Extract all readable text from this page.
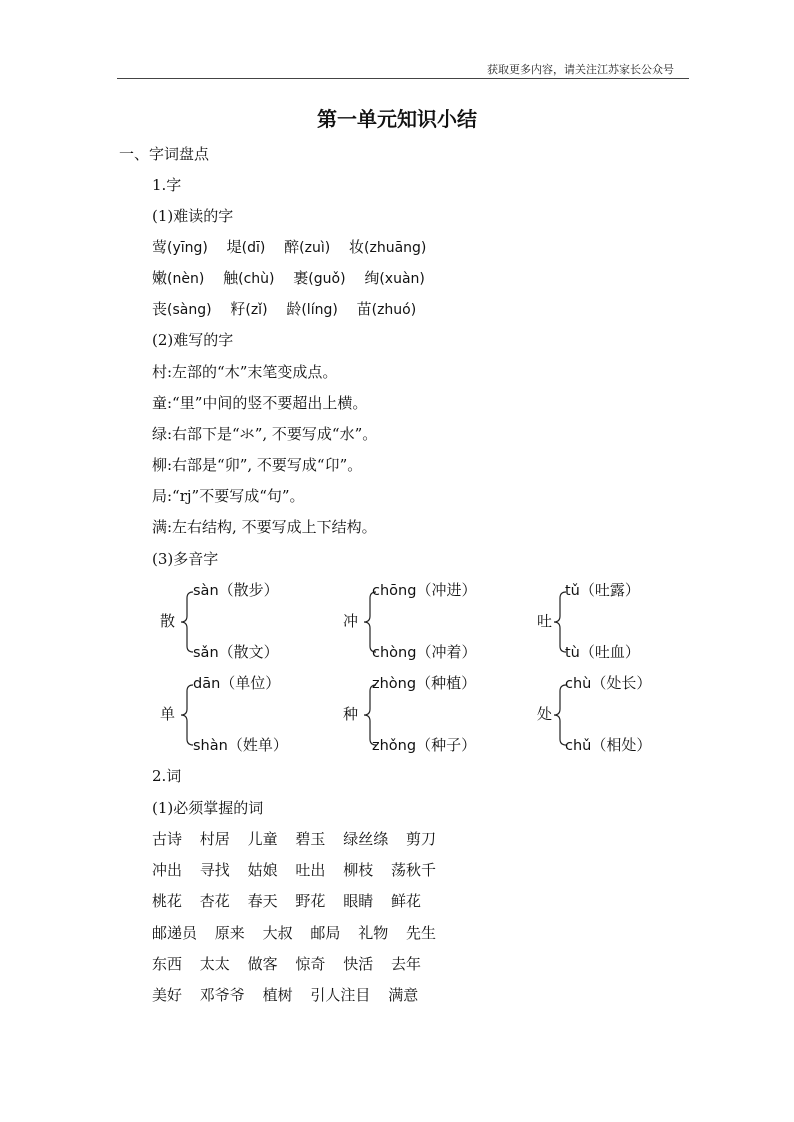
获取更多内容，请关注江苏家长公众号
第一单元知识小结
一、字词盘点
1.字
(1)难读的字
莺(yīng) 堤(dī) 醉(zuì) 妆(zhuāng)
嫩(nèn) 触(chù) 裹(guǒ) 绚(xuàn)
丧(sàng) 籽(zǐ) 龄(líng) 苗(zhuó)
(2)难写的字
村:左部的“木”末笔变成点。
童:“里”中间的竖不要超出上横。
绿:右部下是“氺”, 不要写成“水”。
柳:右部是“卯”, 不要写成“卬”。
局:“rj”不要写成“句”。
满:左右结构, 不要写成上下结构。
(3)多音字
散
sàn（散步）
sǎn（散文）
冲
chōng（冲进）
chòng（冲着）
吐
tǔ（吐露）
tù（吐血）
单
dān（单位）
shàn（姓单）
种
zhòng（种植）
zhǒng（种子）
处
chù（处长）
chǔ（相处）
2.词
(1)必须掌握的词
古诗 村居 儿童 碧玉 绿丝绦 剪刀
冲出 寻找 姑娘 吐出 柳枝 荡秋千
桃花 杏花 春天 野花 眼睛 鲜花
邮递员 原来 大叔 邮局 礼物 先生
东西 太太 做客 惊奇 快活 去年
美好 邓爷爷 植树 引人注目 满意
